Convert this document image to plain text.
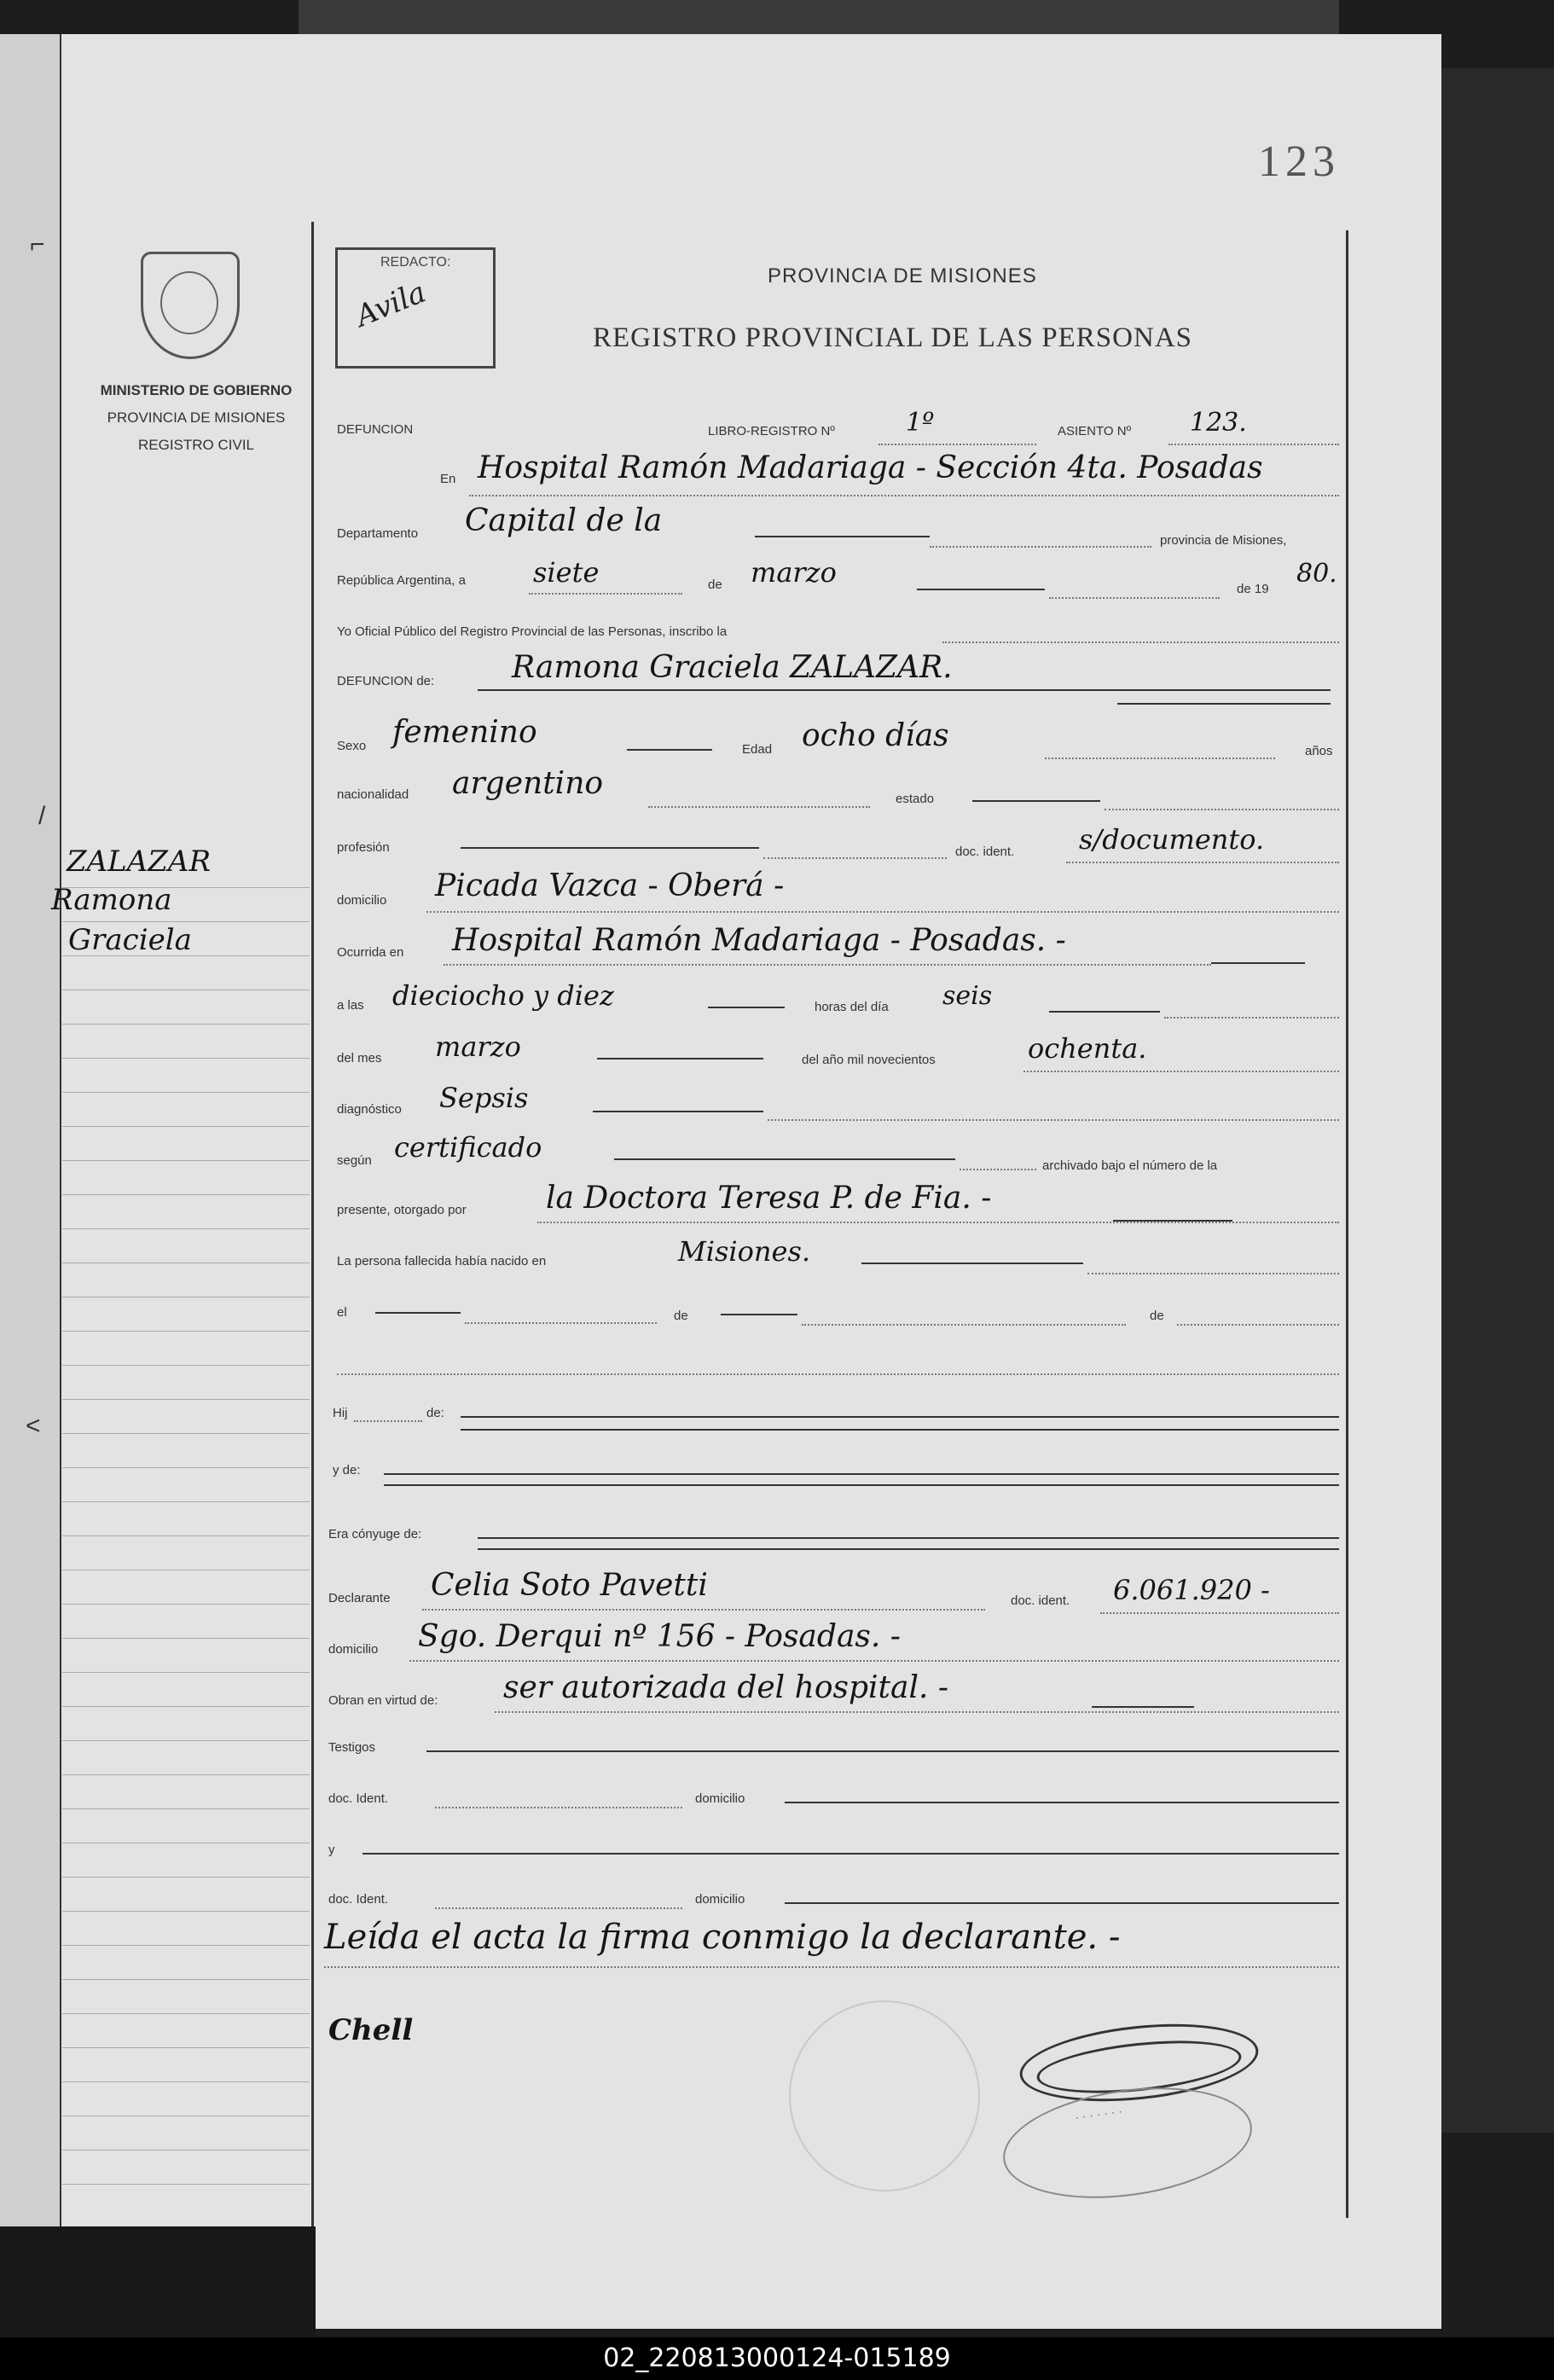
123
MINISTERIO DE GOBIERNO
PROVINCIA DE MISIONES
REGISTRO CIVIL
REDACTO:
Avila	PROVINCIA DE MISIONES
REGISTRO PROVINCIAL DE LAS PERSONAS
DEFUNCION	LIBRO-REGISTRO Nº	1º	ASIENTO Nº 123.
En Hospital Ramón Madariaga - Sección 4ta. Posadas
Departamento Capital de la
provincia de Misiones,
República Argentina, a siete	de marzo
de 19
80.
Yo Oficial Público del Registro Provincial de las Personas, inscribo la
DEFUNCION de:	Ramona Graciela ZALAZAR.
Sexo femenino	Edad ocho días	años
nacionalidad argentino	estado
profesión	doc. ident. s/documento.
domicilio Picada Vazca - Oberá -
Ocurrida en Hospital Ramón Madariaga - Posadas. -
a las dieciocho y diez	horas del día seis
del mes marzo	del año mil novecientos	ochenta.
diagnóstico Sepsis
según certificado
archivado bajo el número de la
presente, otorgado por	la Doctora Teresa P. de Fia. -
La persona fallecida había nacido en	Misiones.
el	de	de
Hij	de:
y de:
Era cónyuge de:
Declarante Celia Soto Pavetti	doc. ident. 6.061.920 -
domicilio Sgo. Derqui nº 156 - Posadas. -
Obran en virtud de: ser autorizada del hospital. -
Testigos
doc. Ident.	domicilio
y
doc. Ident.	domicilio
Leída el acta la firma conmigo la declarante. -
Chell
· · · · · · ·
ZALAZAR
Ramona
Graciela
⌐
/
<
02_220813000124-015189
